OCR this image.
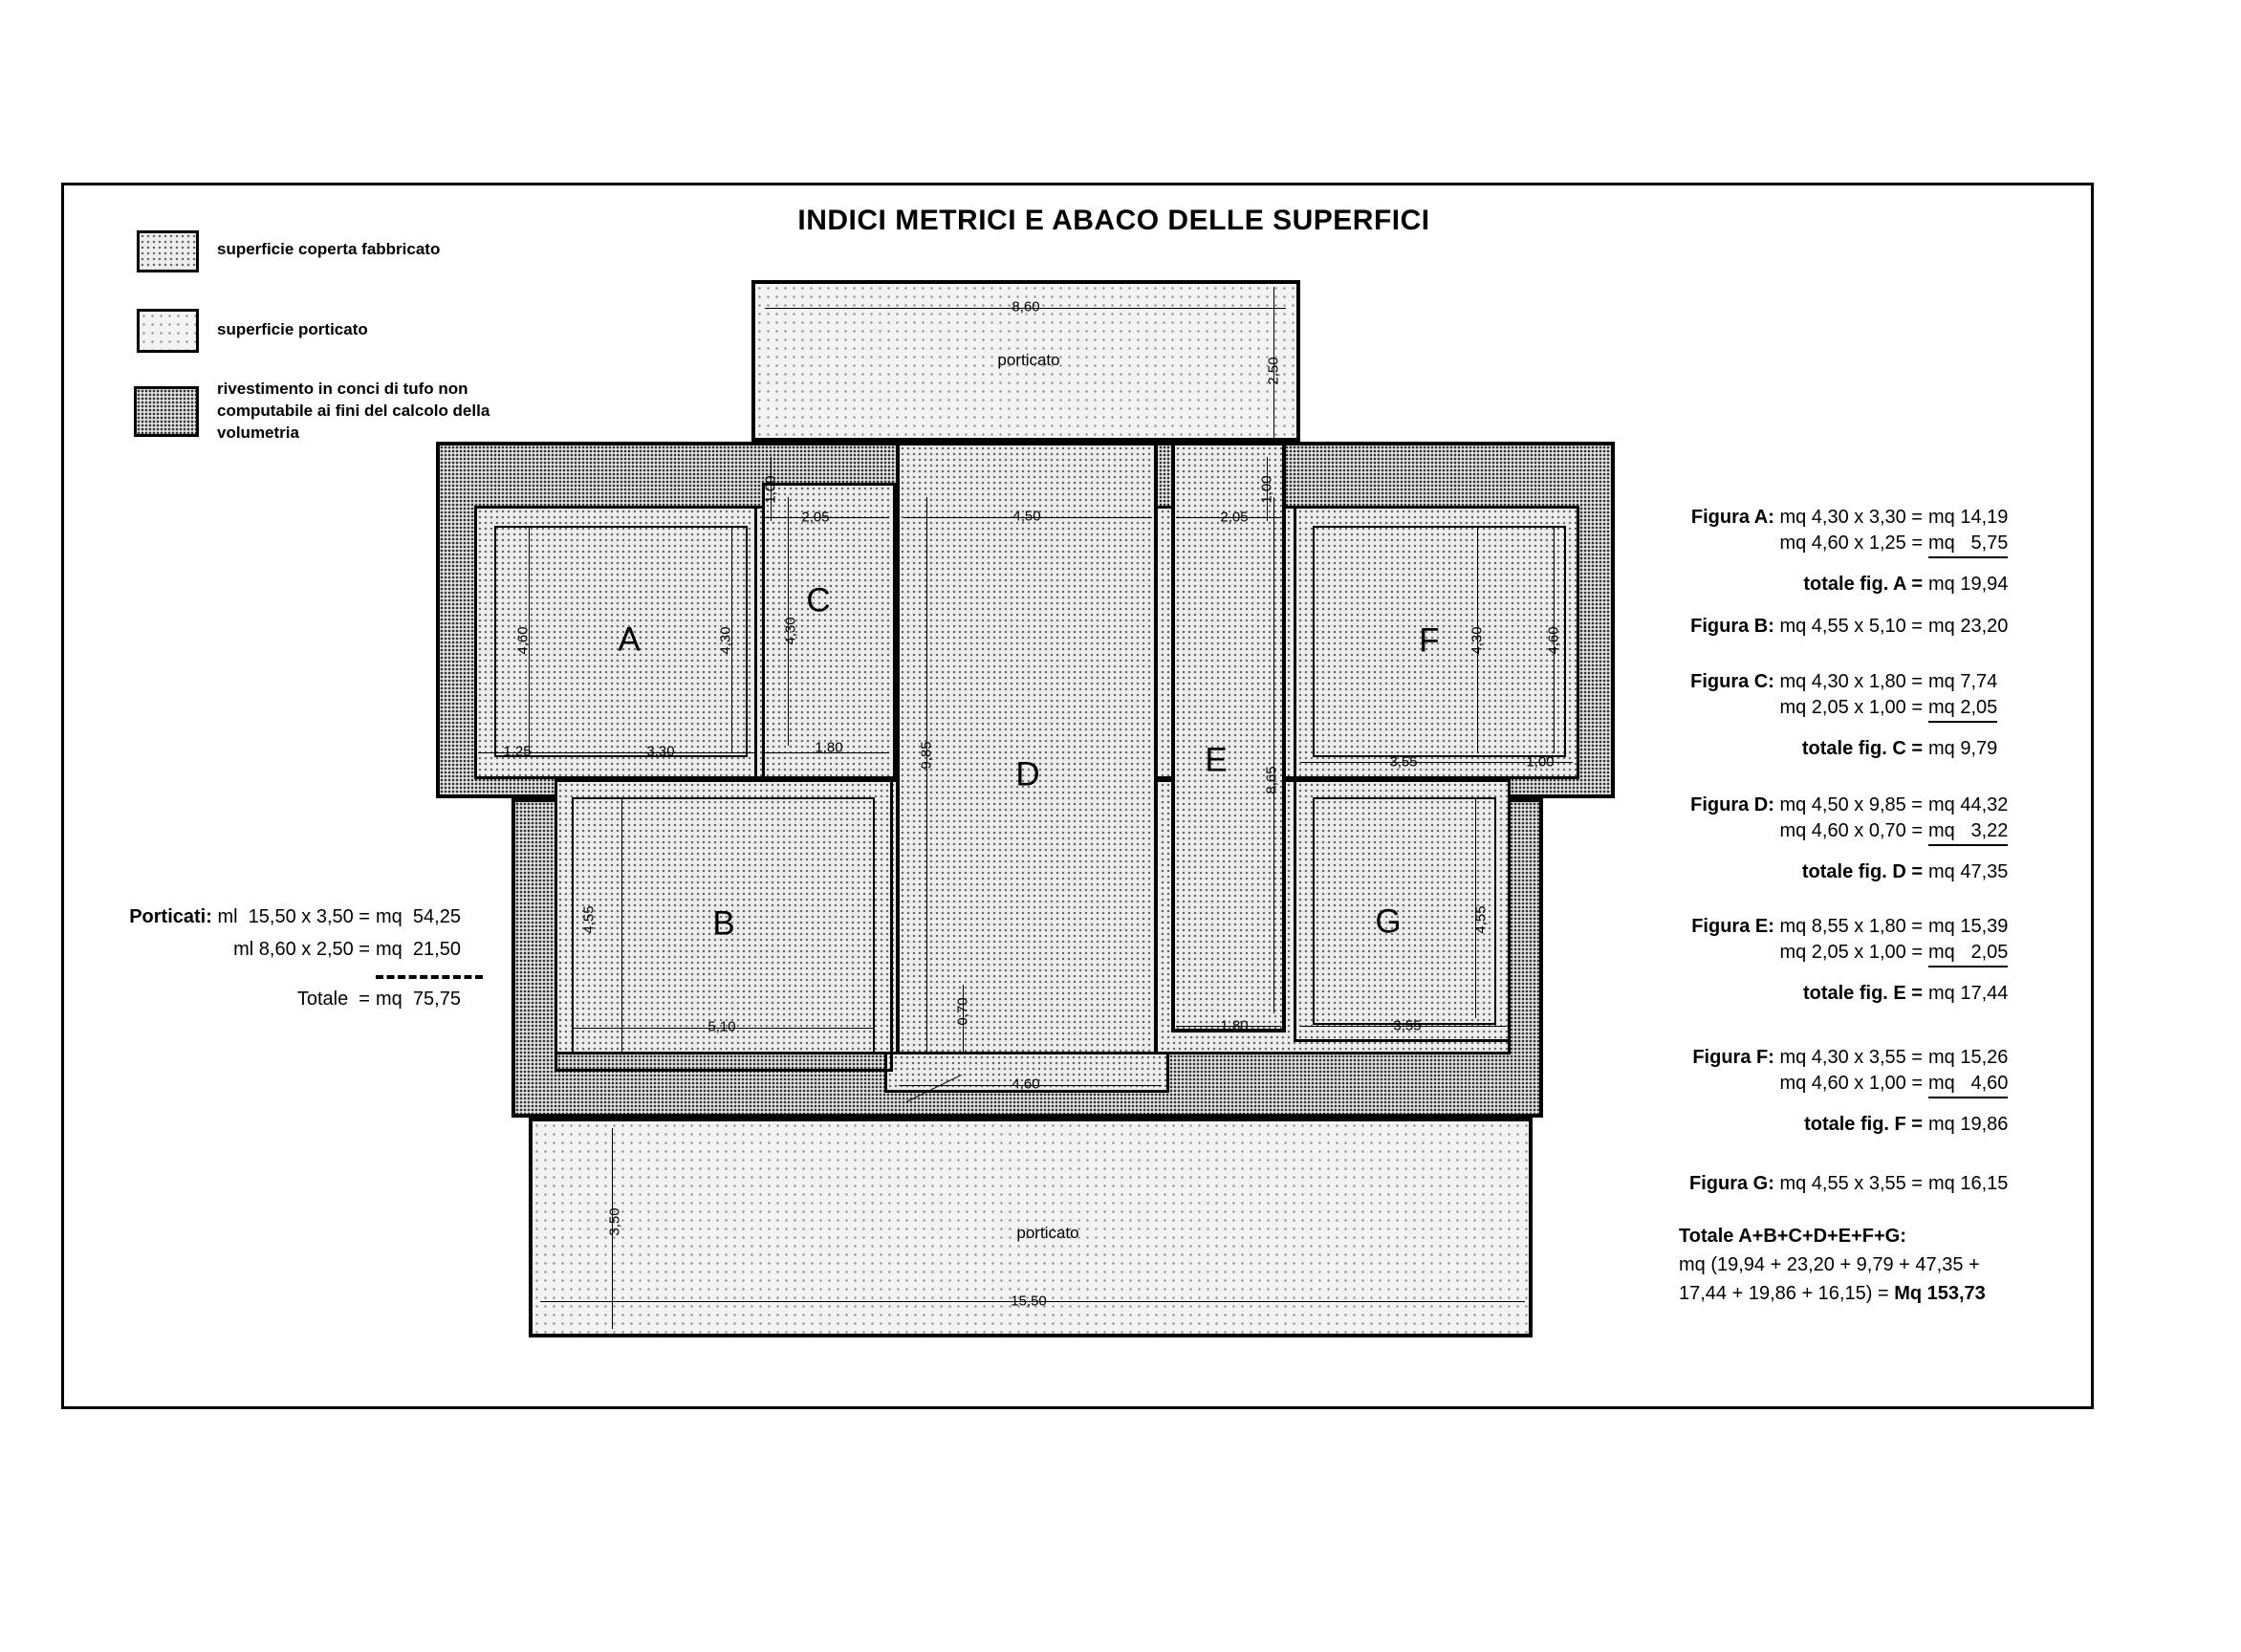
INDICI METRICI E ABACO DELLE SUPERFICI
superficie coperta fabbricato
superficie porticato
rivestimento in conci di tufo non computabile ai fini del calcolo della volumetria
8,60
2,50
1,00
2,05	4,50	2,05
1,00
4,60	4,30	4,30
1,25	3,30	1,80	9,85
4,30	4,60
3,55	1,00
8,65
4,55	4,55
0,70
5,10	1,80	3,55
4,60
3,50
15,50
A
B
C
D	E
F
G
porticato
porticato
Porticati: ml  15,50 x 3,50 = mq  54,25
ml 8,60 x 2,50 = mq  21,50
Totale  = mq  75,75
Figura A: mq 4,30 x 3,30 = mq 14,19
mq 4,60 x 1,25 = mq   5,75
totale fig. A = mq 19,94
Figura B: mq 4,55 x 5,10 = mq 23,20
Figura C: mq 4,30 x 1,80 = mq 7,74
mq 2,05 x 1,00 = mq 2,05
totale fig. C = mq 9,79
Figura D: mq 4,50 x 9,85 = mq 44,32
mq 4,60 x 0,70 = mq   3,22
totale fig. D = mq 47,35
Figura E: mq 8,55 x 1,80 = mq 15,39
mq 2,05 x 1,00 = mq   2,05
totale fig. E = mq 17,44
Figura F: mq 4,30 x 3,55 = mq 15,26
mq 4,60 x 1,00 = mq   4,60
totale fig. F = mq 19,86
Figura G: mq 4,55 x 3,55 = mq 16,15
Totale A+B+C+D+E+F+G:
mq (19,94 + 23,20 + 9,79 + 47,35 +
17,44 + 19,86 + 16,15) = Mq 153,73
